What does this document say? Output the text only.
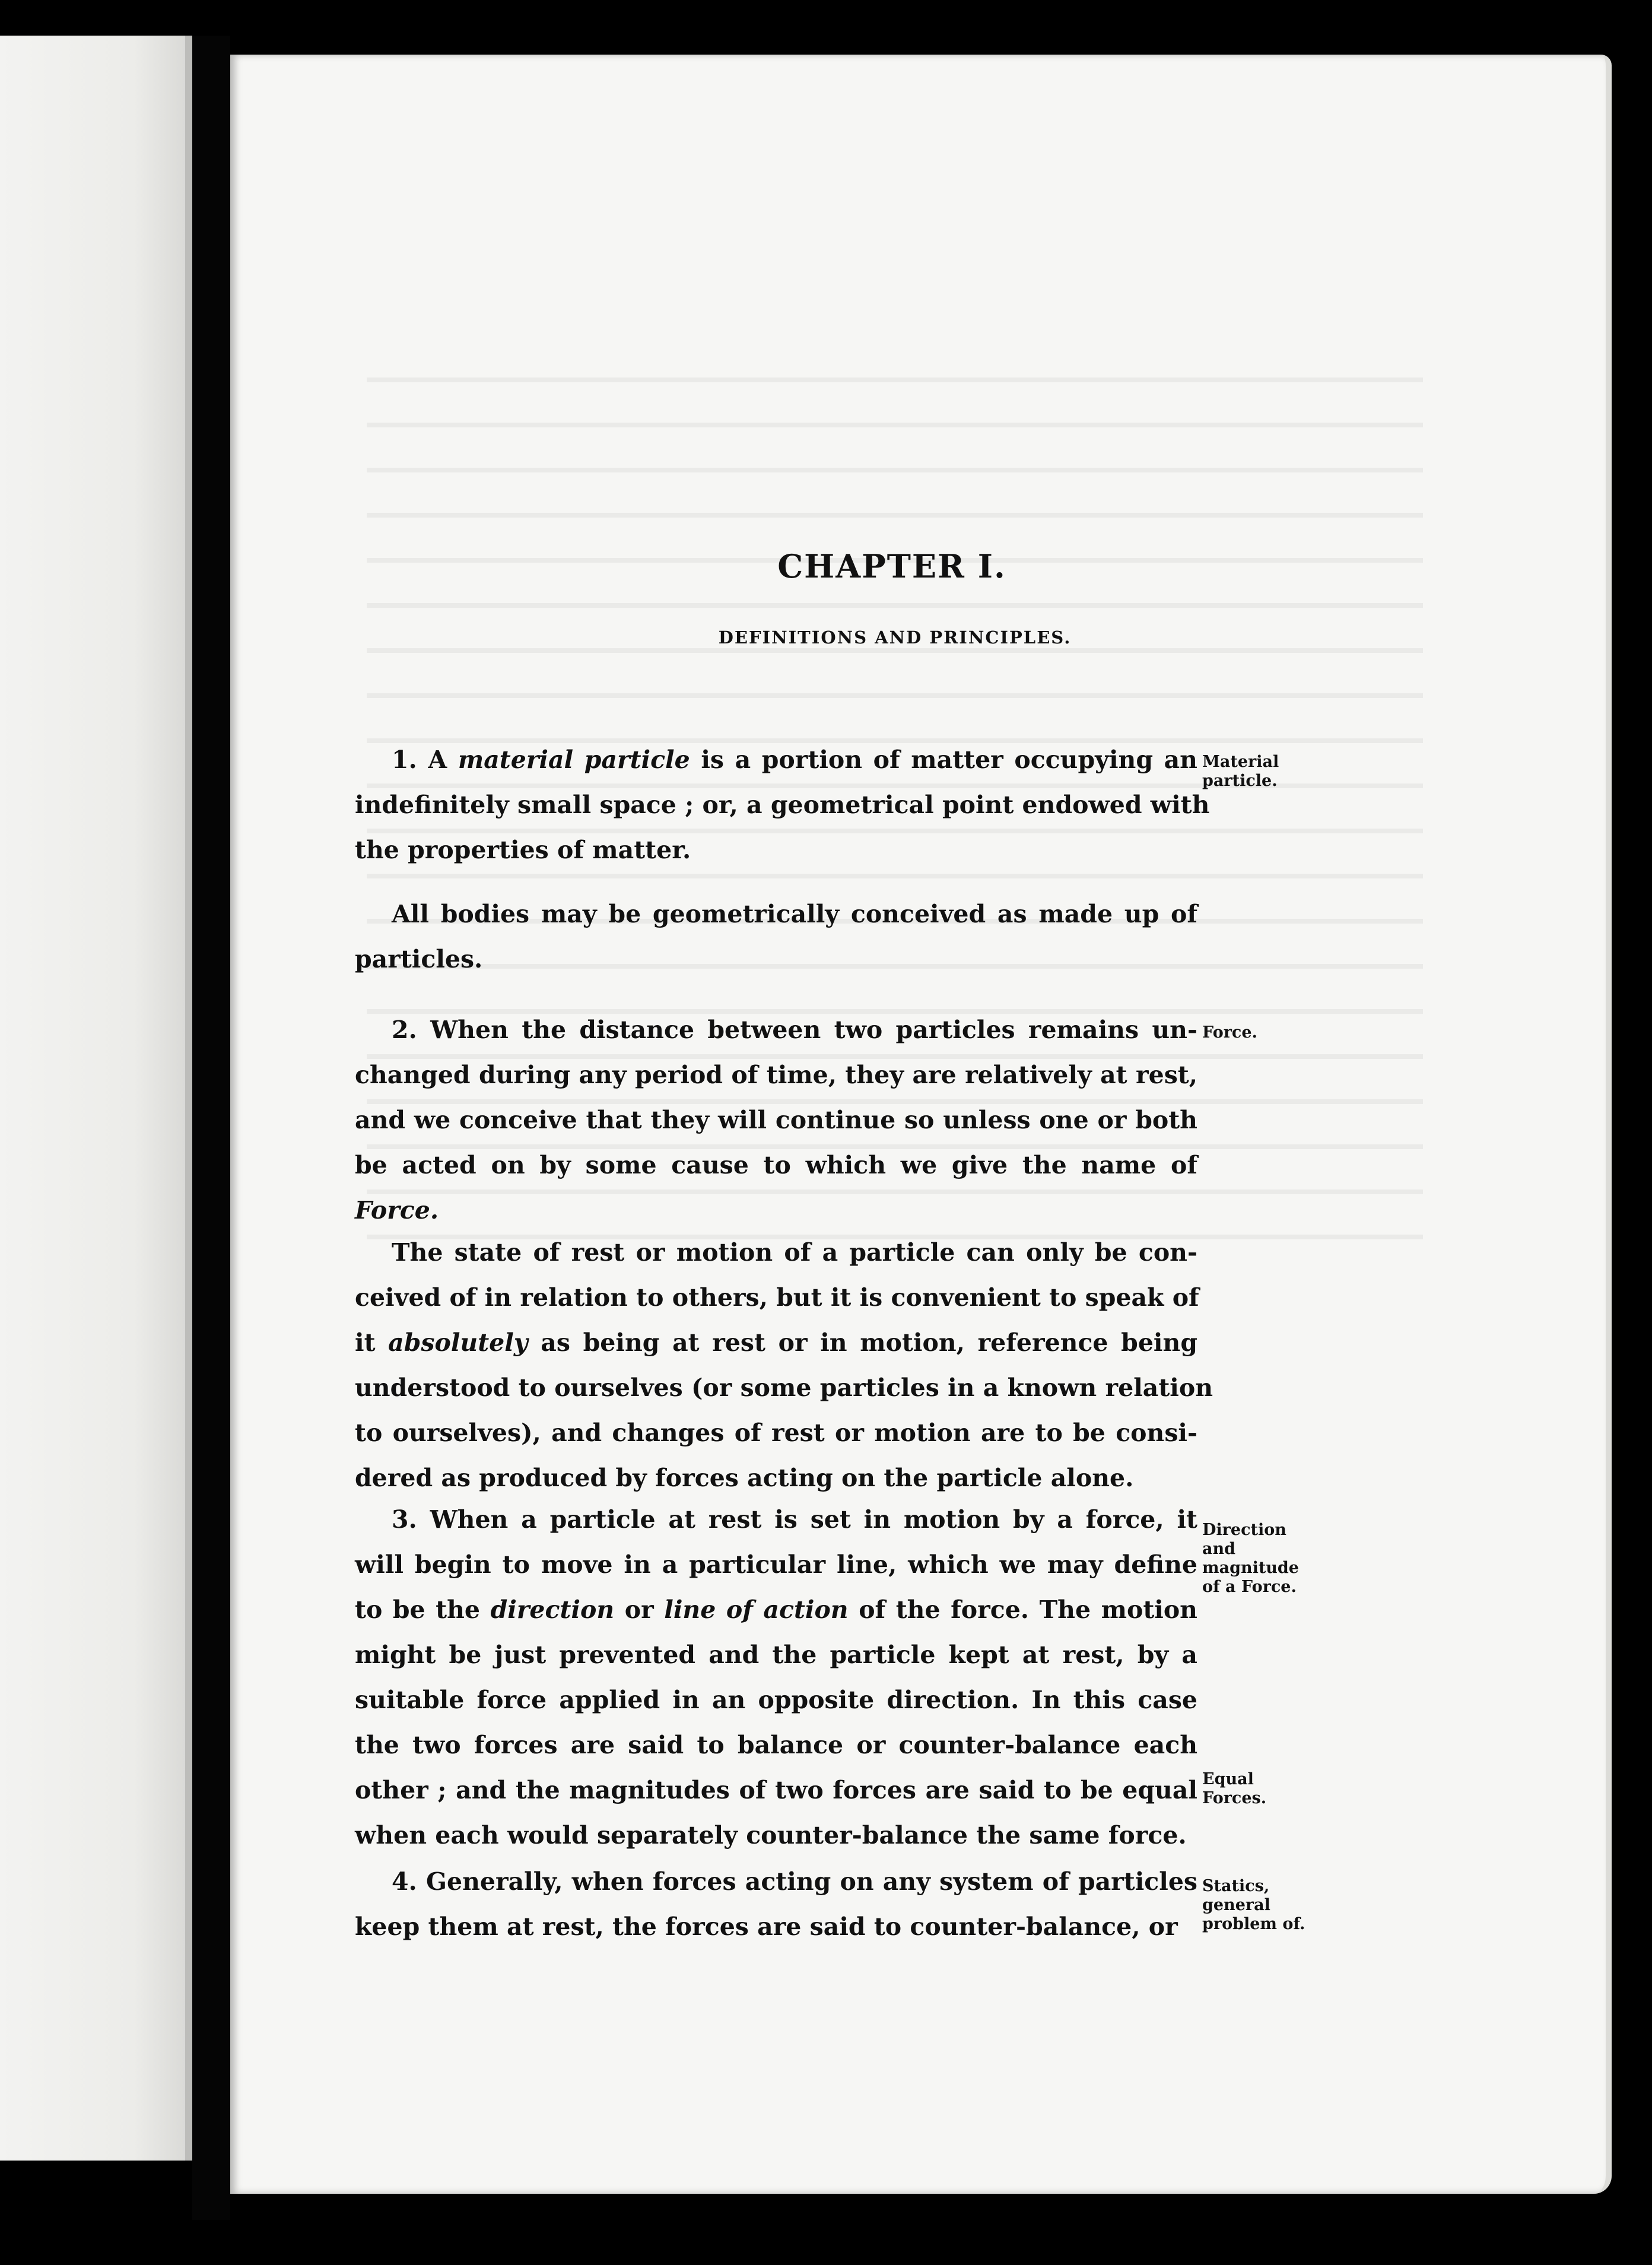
CHAPTER I.
DEFINITIONS AND PRINCIPLES.
1. A material particle is a portion of matter occupying an
indefinitely small space ; or, a geometrical point endowed with
the properties of matter.
All bodies may be geometrically conceived as made up of
particles.
2. When the distance between two particles remains un-
changed during any period of time, they are relatively at rest,
and we conceive that they will continue so unless one or both
be acted on by some cause to which we give the name of
Force.
The state of rest or motion of a particle can only be con-
ceived of in relation to others, but it is convenient to speak of
it absolutely as being at rest or in motion, reference being
understood to ourselves (or some particles in a known relation
to ourselves), and changes of rest or motion are to be consi-
dered as produced by forces acting on the particle alone.
3. When a particle at rest is set in motion by a force, it
will begin to move in a particular line, which we may define
to be the direction or line of action of the force. The motion
might be just prevented and the particle kept at rest, by a
suitable force applied in an opposite direction. In this case
the two forces are said to balance or counter-balance each
other ; and the magnitudes of two forces are said to be equal
when each would separately counter-balance the same force.
4. Generally, when forces acting on any system of particles
keep them at rest, the forces are said to counter-balance, or
Material
particle.
Force.
Direction
and
magnitude
of a Force.
Equal
Forces.
Statics,
general
problem of.
